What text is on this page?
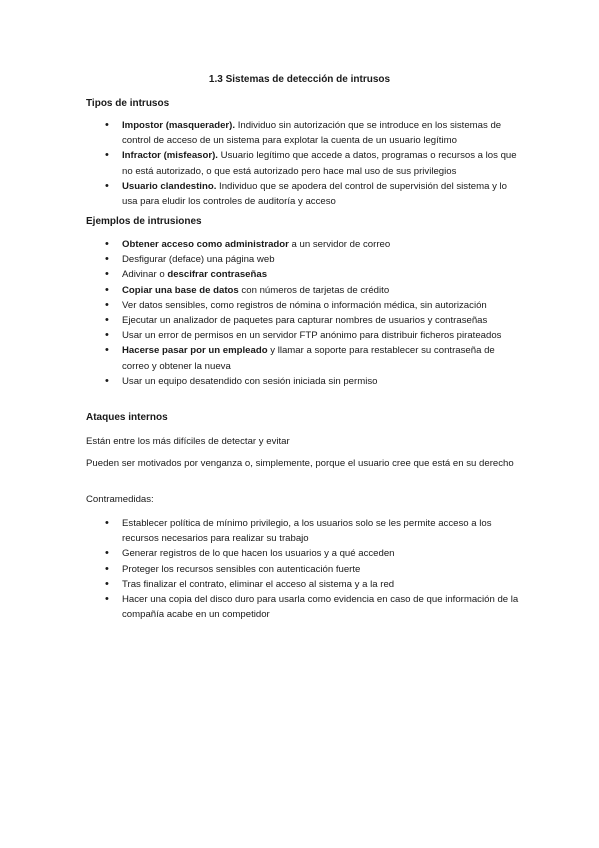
1.3 Sistemas de detección de intrusos
Tipos de intrusos
• Impostor (masquerader). Individuo sin autorización que se introduce en los sistemas de control de acceso de un sistema para explotar la cuenta de un usuario legítimo
• Infractor (misfeasor). Usuario legítimo que accede a datos, programas o recursos a los que no está autorizado, o que está autorizado pero hace mal uso de sus privilegios
• Usuario clandestino. Individuo que se apodera del control de supervisión del sistema y lo usa para eludir los controles de auditoría y acceso
Ejemplos de intrusiones
• Obtener acceso como administrador a un servidor de correo
• Desfigurar (deface) una página web
• Adivinar o descifrar contraseñas
• Copiar una base de datos con números de tarjetas de crédito
• Ver datos sensibles, como registros de nómina o información médica, sin autorización
• Ejecutar un analizador de paquetes para capturar nombres de usuarios y contraseñas
• Usar un error de permisos en un servidor FTP anónimo para distribuir ficheros pirateados
• Hacerse pasar por un empleado y llamar a soporte para restablecer su contraseña de correo y obtener la nueva
• Usar un equipo desatendido con sesión iniciada sin permiso
Ataques internos
Están entre los más difíciles de detectar y evitar
Pueden ser motivados por venganza o, simplemente, porque el usuario cree que está en su derecho
Contramedidas:
• Establecer política de mínimo privilegio, a los usuarios solo se les permite acceso a los recursos necesarios para realizar su trabajo
• Generar registros de lo que hacen los usuarios y a qué acceden
• Proteger los recursos sensibles con autenticación fuerte
• Tras finalizar el contrato, eliminar el acceso al sistema y a la red
• Hacer una copia del disco duro para usarla como evidencia en caso de que información de la compañía acabe en un competidor
